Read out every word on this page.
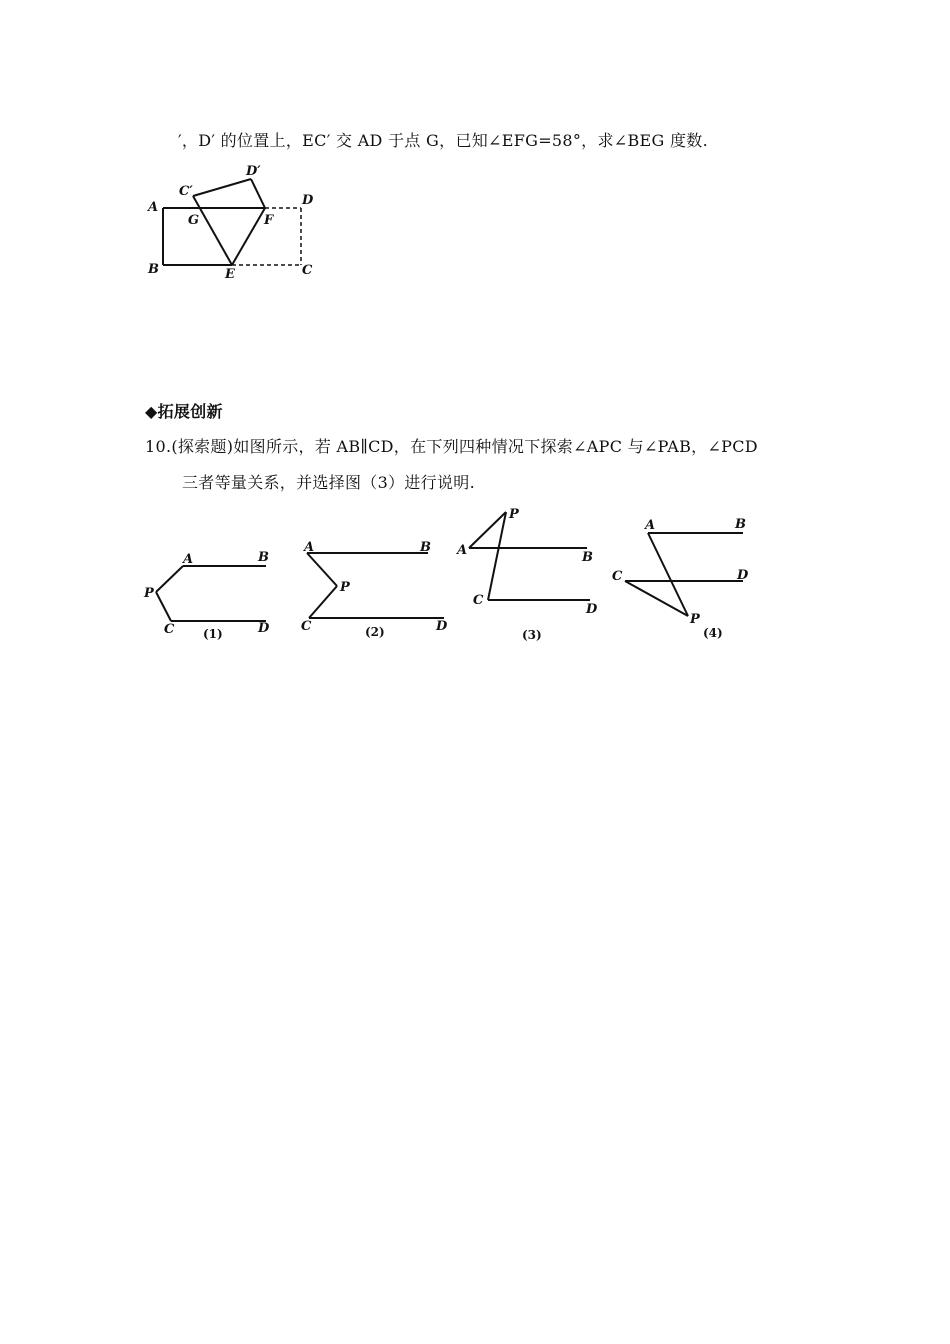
′，D′ 的位置上，EC′ 交 AD 于点 G，已知∠EFG=58°，求∠BEG 度数.
A
B
C′
D′
G	F
D
E	C
◆拓展创新
10.(探索题)如图所示，若 AB∥CD，在下列四种情况下探索∠APC 与∠PAB，∠PCD
三者等量关系，并选择图（3）进行说明.
A	B
P
C	D
(1)
A	B
P
C	D
(2)
A	B
P
C
D
(3)
A	B
C	D
P
(4)
